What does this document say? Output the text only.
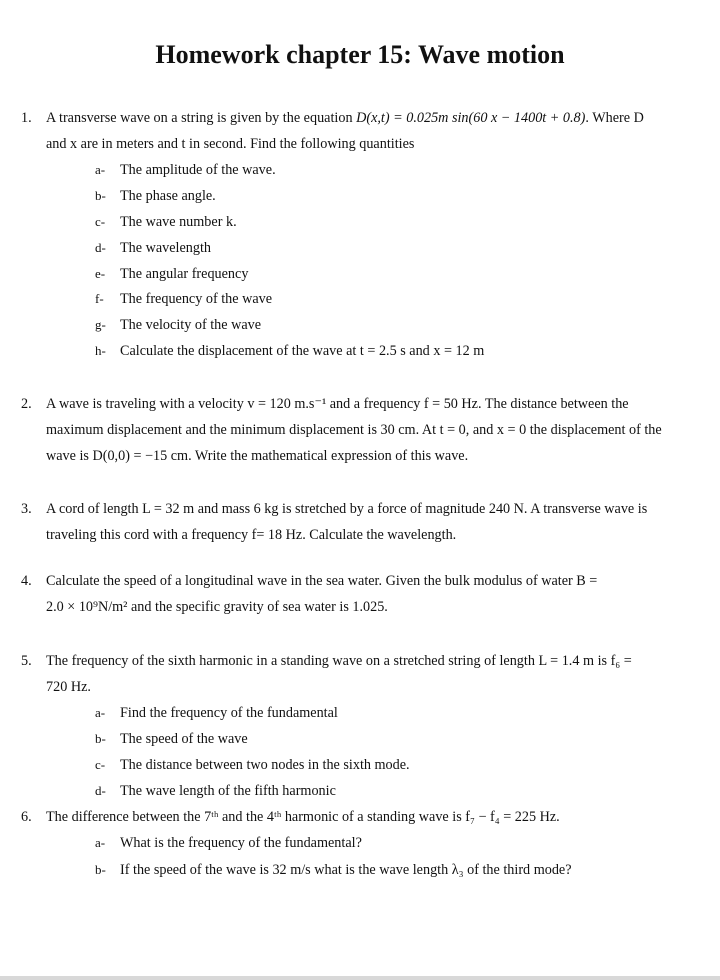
Homework chapter 15: Wave motion
1. A transverse wave on a string is given by the equation D(x,t) = 0.025m sin(60 x − 1400t + 0.8). Where D
and x are in meters and t in second. Find the following quantities
a- The amplitude of the wave.
b- The phase angle.
c- The wave number k.
d- The wavelength
e- The angular frequency
f- The frequency of the wave
g- The velocity of the wave
h- Calculate the displacement of the wave at t = 2.5 s and x = 12 m
2. A wave is traveling with a velocity v = 120 m.s⁻¹ and a frequency f = 50 Hz. The distance between the
maximum displacement and the minimum displacement is 30 cm. At t = 0, and x = 0 the displacement of the
wave is D(0,0) = −15 cm. Write the mathematical expression of this wave.
3. A cord of length L = 32 m and mass 6 kg is stretched by a force of magnitude 240 N. A transverse wave is
traveling this cord with a frequency f= 18 Hz. Calculate the wavelength.
4. Calculate the speed of a longitudinal wave in the sea water. Given the bulk modulus of water B =
2.0 × 10⁹N/m² and the specific gravity of sea water is 1.025.
5. The frequency of the sixth harmonic in a standing wave on a stretched string of length L = 1.4 m is f₆ =
720 Hz.
a- Find the frequency of the fundamental
b- The speed of the wave
c- The distance between two nodes in the sixth mode.
d- The wave length of the fifth harmonic
6. The difference between the 7ᵗʰ and the 4ᵗʰ harmonic of a standing wave is f₇ − f₄ = 225 Hz.
a- What is the frequency of the fundamental?
b- If the speed of the wave is 32 m/s what is the wave length λ₃ of the third mode?
